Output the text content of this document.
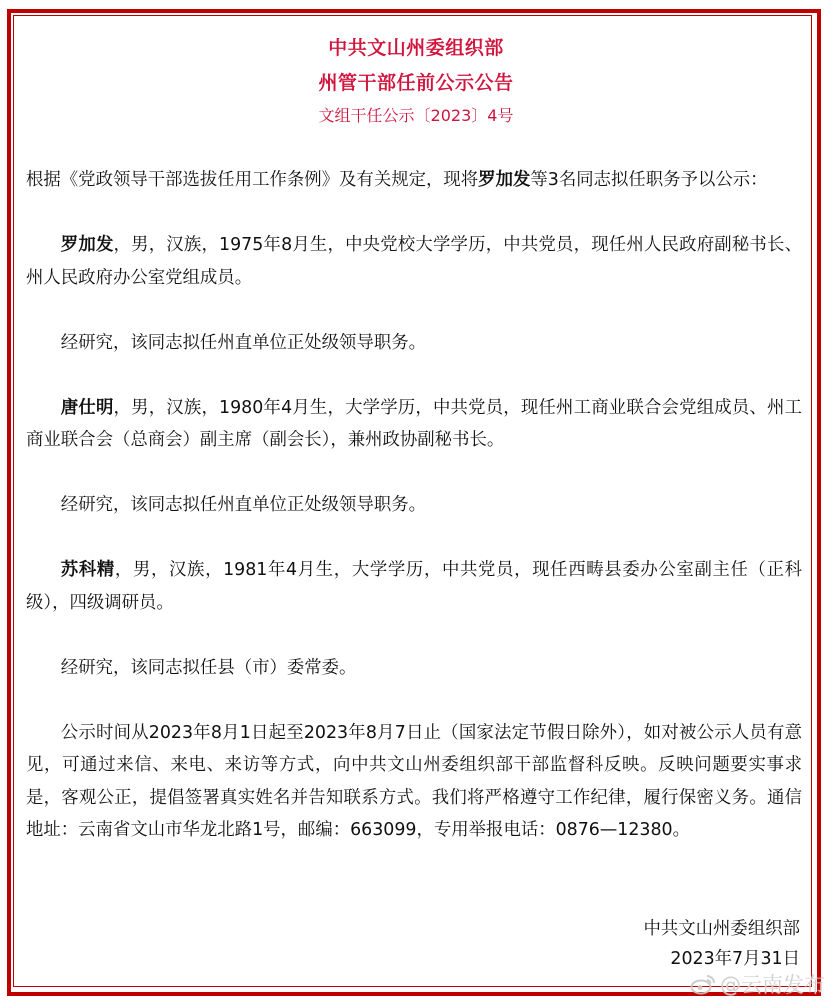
中共文山州委组织部
州管干部任前公示公告
文组干任公示〔2023〕4号

根据《党政领导干部选拔任用工作条例》及有关规定，现将罗加发等3名同志拟任职务予以公示：

罗加发，男，汉族，1975年8月生，中央党校大学学历，中共党员，现任州人民政府副秘书长、州人民政府办公室党组成员。

经研究，该同志拟任州直单位正处级领导职务。

唐仕明，男，汉族，1980年4月生，大学学历，中共党员，现任州工商业联合会党组成员、州工商业联合会（总商会）副主席（副会长），兼州政协副秘书长。

经研究，该同志拟任州直单位正处级领导职务。

苏科精，男，汉族，1981年4月生，大学学历，中共党员，现任西畴县委办公室副主任（正科级），四级调研员。

经研究，该同志拟任县（市）委常委。

公示时间从2023年8月1日起至2023年8月7日止（国家法定节假日除外），如对被公示人员有意见，可通过来信、来电、来访等方式，向中共文山州委组织部干部监督科反映。反映问题要实事求是，客观公正，提倡签署真实姓名并告知联系方式。我们将严格遵守工作纪律，履行保密义务。通信地址：云南省文山市华龙北路1号，邮编：663099，专用举报电话：0876—12380。

中共文山州委组织部
2023年7月31日
@云南发布
